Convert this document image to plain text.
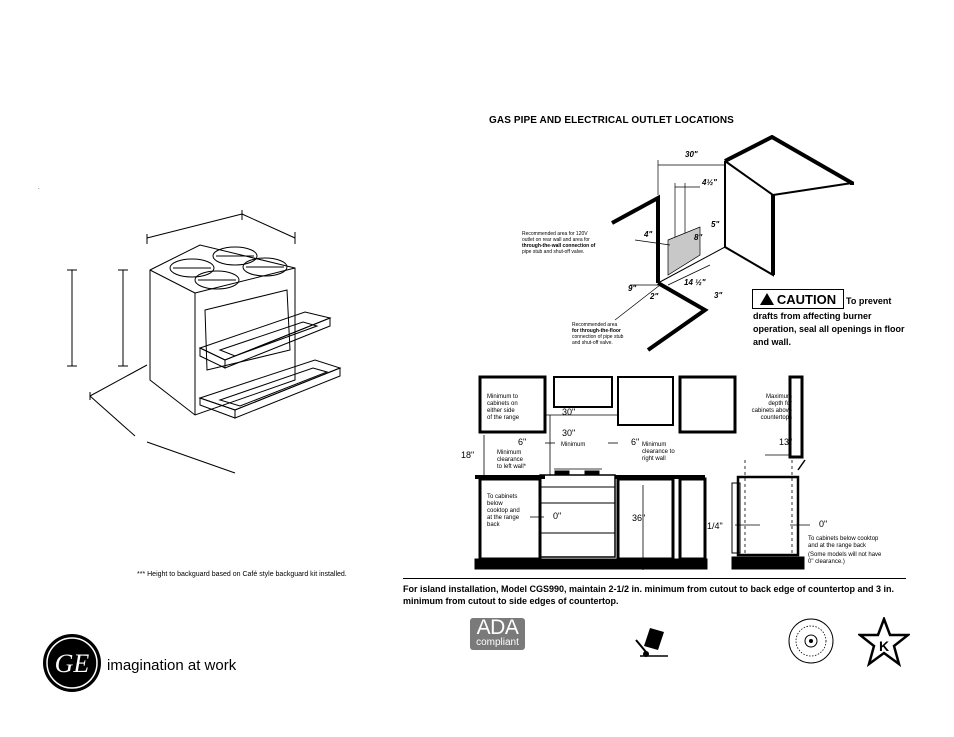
.
GAS PIPE AND ELECTRICAL OUTLET LOCATIONS
30"
4½"
5"
4"	8"
9"
2"
14 ½"
3"
Recommended area for 120V
outlet on rear wall and area for
through-the-wall connection of
pipe stub and shut-off valve.
Recommended area
for through-the-floor
connection of pipe stub
and shut-off valve.
CAUTION To prevent
drafts from affecting burner operation, seal all openings in floor and wall.
Minimum to
cabinets on
either side
of the range
30"
30"
Minimum
6"	6"
Minimum
clearance
to left wall*
Minimum
clearance to
right wall
18"
To cabinets
below
cooktop and
at the range
back
0"	36"
Maximum
depth for
cabinets above
countertops
13"
1/4"	0"
To cabinets below cooktop
and at the range back
(Some models will not have
0" clearance.)
*** Height to backguard based on Café style backguard kit installed.
For island installation, Model CGS990, maintain 2-1/2 in. minimum from cutout to back edge of countertop and 3 in. minimum from cutout to side edges of countertop.
GE imagination at work
ADA
compliant	K
